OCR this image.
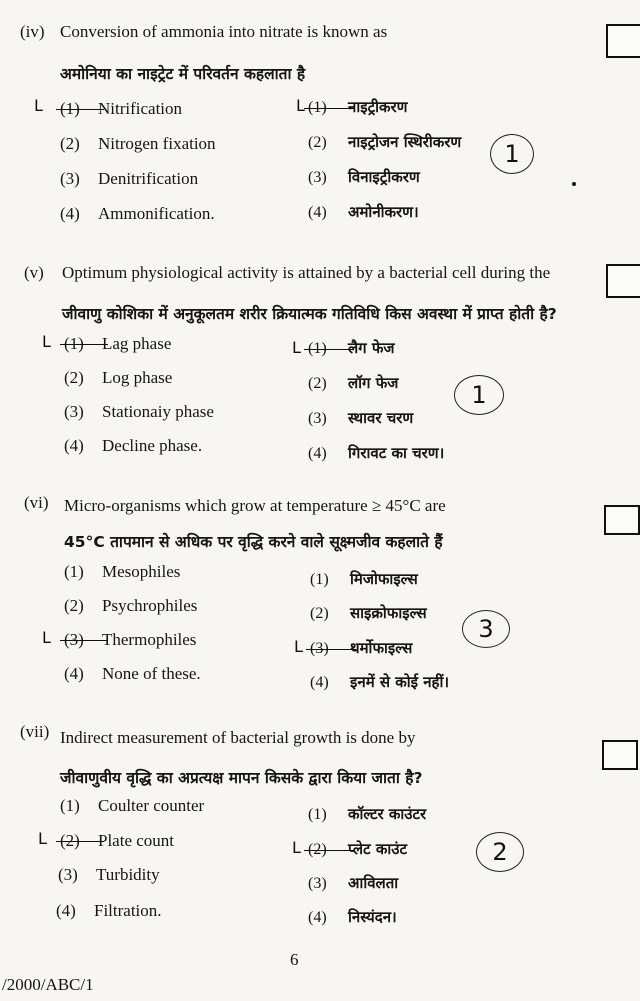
(iv) Conversion of ammonia into nitrate is known as
अमोनिया का नाइट्रेट में परिवर्तन कहलाता है
L (1) Nitrification
(2) Nitrogen fixation
(3) Denitrification
(4) Ammonification.
L (1) नाइट्रीकरण
(2) नाइट्रोजन स्थिरीकरण
(3) विनाइट्रीकरण
(4) अमोनीकरण।
1
(v) Optimum physiological activity is attained by a bacterial cell during the
जीवाणु कोशिका में अनुकूलतम शरीर क्रियात्मक गतिविधि किस अवस्था में प्राप्त होती है?
L (1) Lag phase
(2) Log phase
(3) Stationaiy phase
(4) Decline phase.
L (1) लैग फेज
(2) लॉग फेज
(3) स्थावर चरण
(4) गिरावट का चरण।
1
(vi) Micro-organisms which grow at temperature ≥ 45°C are
45°C तापमान से अधिक पर वृद्धि करने वाले सूक्ष्मजीव कहलाते हैं
(1) Mesophiles
(2) Psychrophiles
L (3) Thermophiles
(4) None of these.
(1) मिजोफाइल्स
(2) साइक्रोफाइल्स
L (3) थर्मोफाइल्स
(4) इनमें से कोई नहीं।
3
(vii) Indirect measurement of bacterial growth is done by
जीवाणुवीय वृद्धि का अप्रत्यक्ष मापन किसके द्वारा किया जाता है?
(1) Coulter counter
L (2) Plate count
(3) Turbidity
(4) Filtration.
(1) कॉल्टर काउंटर
L (2) प्लेट काउंट
(3) आविलता
(4) निस्यंदन।
2
6
/2000/ABC/1
